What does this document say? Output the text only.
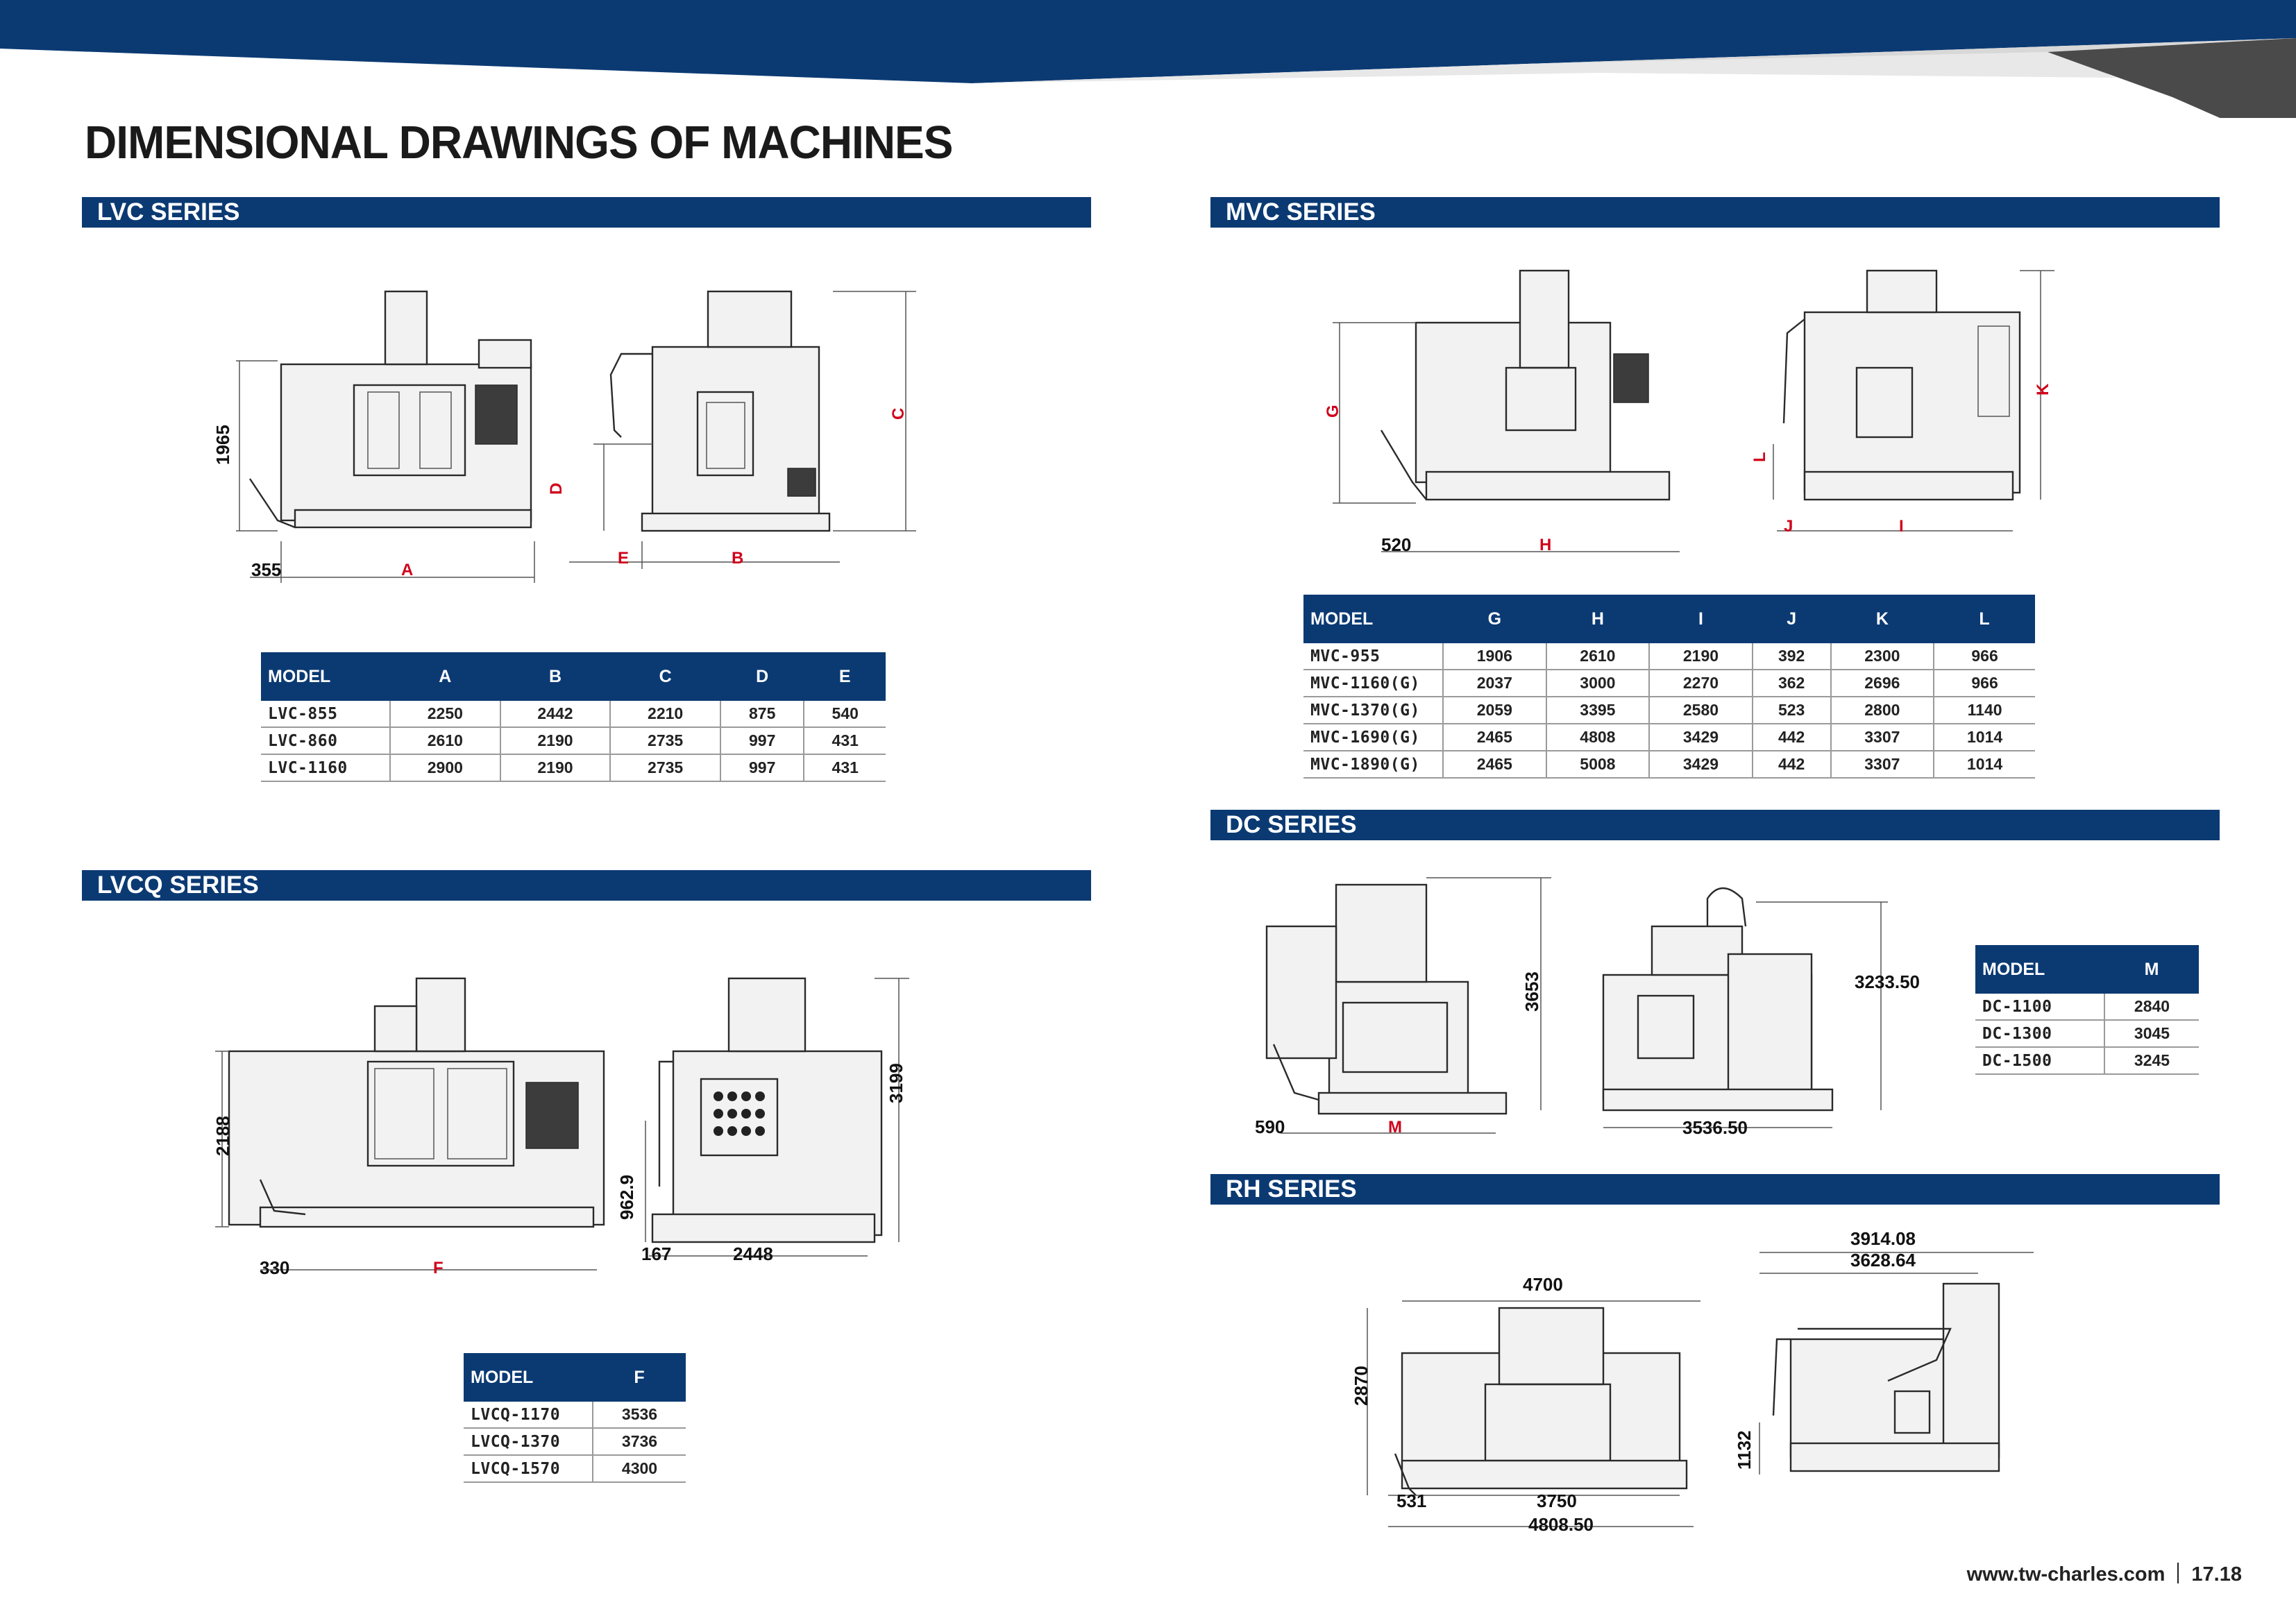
DIMENSIONAL DRAWINGS OF MACHINES
LVC SERIES
1965
355	A
C
D
E	B
MODEL	A	B	C	D	E
LVC-855	2250	2442	2210	875	540
LVC-860	2610	2190	2735	997	431
LVC-1160	2900	2190	2735	997	431
LVCQ SERIES
2188
330	F
3199
962.9
167	2448
MODEL	F
LVCQ-1170	3536
LVCQ-1370	3736
LVCQ-1570	4300
MVC SERIES
G
520	H
K
L
J	I
MODEL	G	H	I	J	K	L
MVC-955	1906	2610	2190	392	2300	966
MVC-1160(G)	2037	3000	2270	362	2696	966
MVC-1370(G)	2059	3395	2580	523	2800	1140
MVC-1690(G)	2465	4808	3429	442	3307	1014
MVC-1890(G)	2465	5008	3429	442	3307	1014
DC SERIES
3653
590	M
3233.50
3536.50
MODEL	M
DC-1100	2840
DC-1300	3045
DC-1500	3245
RH SERIES
4700
2870
531	3750
4808.50
3914.08
3628.64
1132
www.tw-charles.com 17.18
